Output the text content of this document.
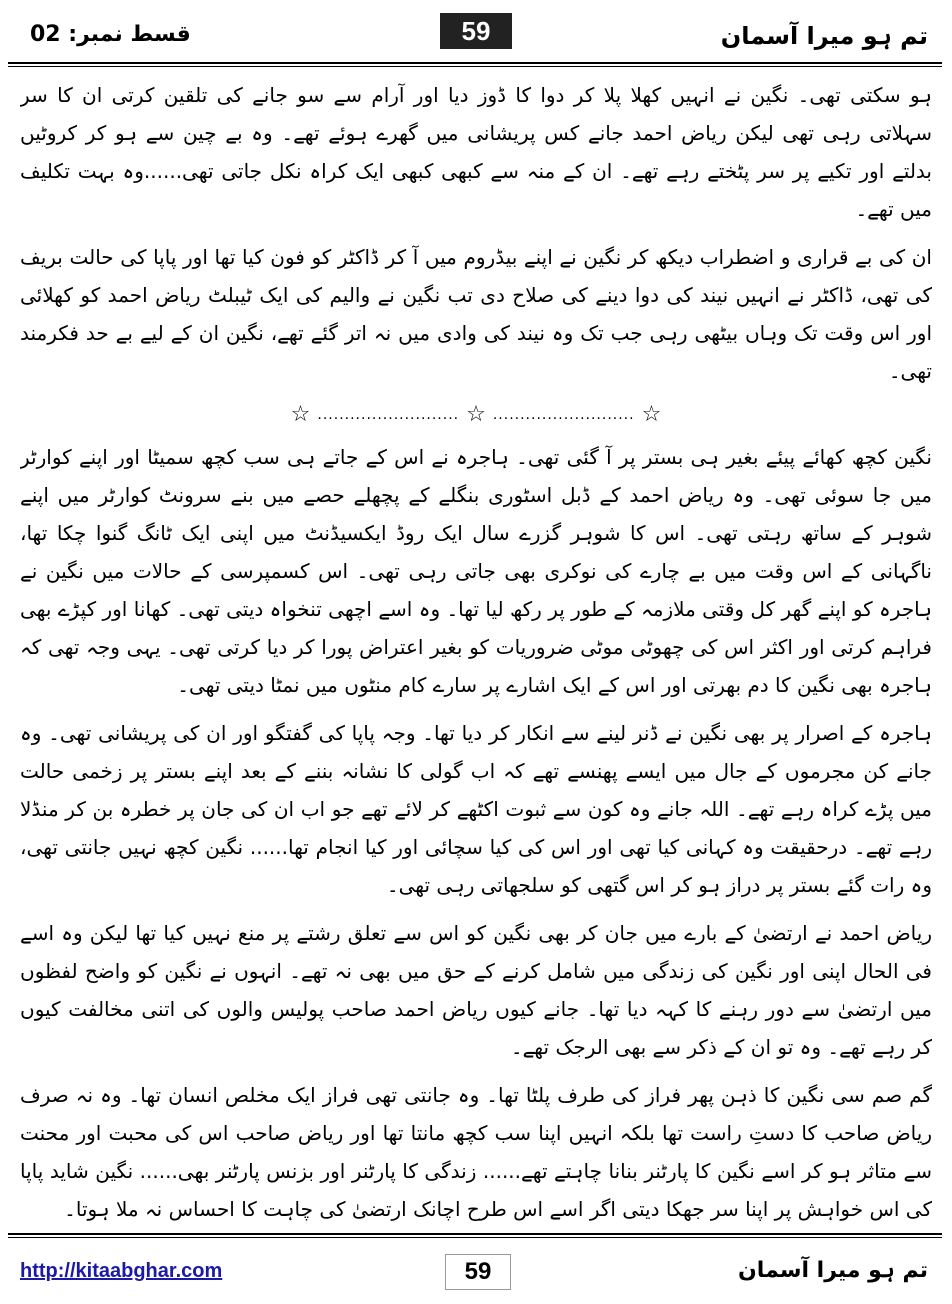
قسط نمبر: 02	59	تم ہو میرا آسمان

ہو سکتی تھی۔ نگین نے انہیں کھلا پلا کر دوا کا ڈوز دیا اور آرام سے سو جانے کی تلقین کرتی ان کا سر سہلاتی رہی تھی لیکن ریاض احمد جانے کس پریشانی میں گھرے ہوئے تھے۔ وہ بے چین سے ہو کر کروٹیں بدلتے اور تکیے پر سر پٹختے رہے تھے۔ ان کے منہ سے کبھی کبھی ایک کراہ نکل جاتی تھی......وہ بہت تکلیف میں تھے۔

ان کی بے قراری و اضطراب دیکھ کر نگین نے اپنے بیڈروم میں آ کر ڈاکٹر کو فون کیا تھا اور پاپا کی حالت بریف کی تھی، ڈاکٹر نے انہیں نیند کی دوا دینے کی صلاح دی تب نگین نے والیم کی ایک ٹیبلٹ ریاض احمد کو کھلائی اور اس وقت تک وہاں بیٹھی رہی جب تک وہ نیند کی وادی میں نہ اتر گئے تھے، نگین ان کے لیے بے حد فکرمند تھی۔

☆ .......................... ☆ .......................... ☆

نگین کچھ کھائے پیئے بغیر ہی بستر پر آ گئی تھی۔ ہاجرہ نے اس کے جاتے ہی سب کچھ سمیٹا اور اپنے کوارٹر میں جا سوئی تھی۔ وہ ریاض احمد کے ڈبل اسٹوری بنگلے کے پچھلے حصے میں بنے سرونٹ کوارٹر میں اپنے شوہر کے ساتھ رہتی تھی۔ اس کا شوہر گزرے سال ایک روڈ ایکسیڈنٹ میں اپنی ایک ٹانگ گنوا چکا تھا، ناگہانی کے اس وقت میں بے چارے کی نوکری بھی جاتی رہی تھی۔ اس کسمپرسی کے حالات میں نگین نے ہاجرہ کو اپنے گھر کل وقتی ملازمہ کے طور پر رکھ لیا تھا۔ وہ اسے اچھی تنخواہ دیتی تھی۔ کھانا اور کپڑے بھی فراہم کرتی اور اکثر اس کی چھوٹی موٹی ضروریات کو بغیر اعتراض پورا کر دیا کرتی تھی۔ یہی وجہ تھی کہ ہاجرہ بھی نگین کا دم بھرتی اور اس کے ایک اشارے پر سارے کام منٹوں میں نمٹا دیتی تھی۔

ہاجرہ کے اصرار پر بھی نگین نے ڈنر لینے سے انکار کر دیا تھا۔ وجہ پاپا کی گفتگو اور ان کی پریشانی تھی۔ وہ جانے کن مجرموں کے جال میں ایسے پھنسے تھے کہ اب گولی کا نشانہ بننے کے بعد اپنے بستر پر زخمی حالت میں پڑے کراہ رہے تھے۔ اللہ جانے وہ کون سے ثبوت اکٹھے کر لائے تھے جو اب ان کی جان پر خطرہ بن کر منڈلا رہے تھے۔ درحقیقت وہ کہانی کیا تھی اور اس کی کیا سچائی اور کیا انجام تھا...... نگین کچھ نہیں جانتی تھی، وہ رات گئے بستر پر دراز ہو کر اس گتھی کو سلجھاتی رہی تھی۔

ریاض احمد نے ارتضیٰ کے بارے میں جان کر بھی نگین کو اس سے تعلق رشتے پر منع نہیں کیا تھا لیکن وہ اسے فی الحال اپنی اور نگین کی زندگی میں شامل کرنے کے حق میں بھی نہ تھے۔ انہوں نے نگین کو واضح لفظوں میں ارتضیٰ سے دور رہنے کا کہہ دیا تھا۔ جانے کیوں ریاض احمد صاحب پولیس والوں کی اتنی مخالفت کیوں کر رہے تھے۔ وہ تو ان کے ذکر سے بھی الرجک تھے۔

گم صم سی نگین کا ذہن پھر فراز کی طرف پلٹا تھا۔ وہ جانتی تھی فراز ایک مخلص انسان تھا۔ وہ نہ صرف ریاض صاحب کا دستِ راست تھا بلکہ انہیں اپنا سب کچھ مانتا تھا اور ریاض صاحب اس کی محبت اور محنت سے متاثر ہو کر اسے نگین کا پارٹنر بنانا چاہتے تھے...... زندگی کا پارٹنر اور بزنس پارٹنر بھی...... نگین شاید پاپا کی اس خواہش پر اپنا سر جھکا دیتی اگر اسے اس طرح اچانک ارتضیٰ کی چاہت کا احساس نہ ملا ہوتا۔

http://kitaabghar.com	59	تم ہو میرا آسمان
